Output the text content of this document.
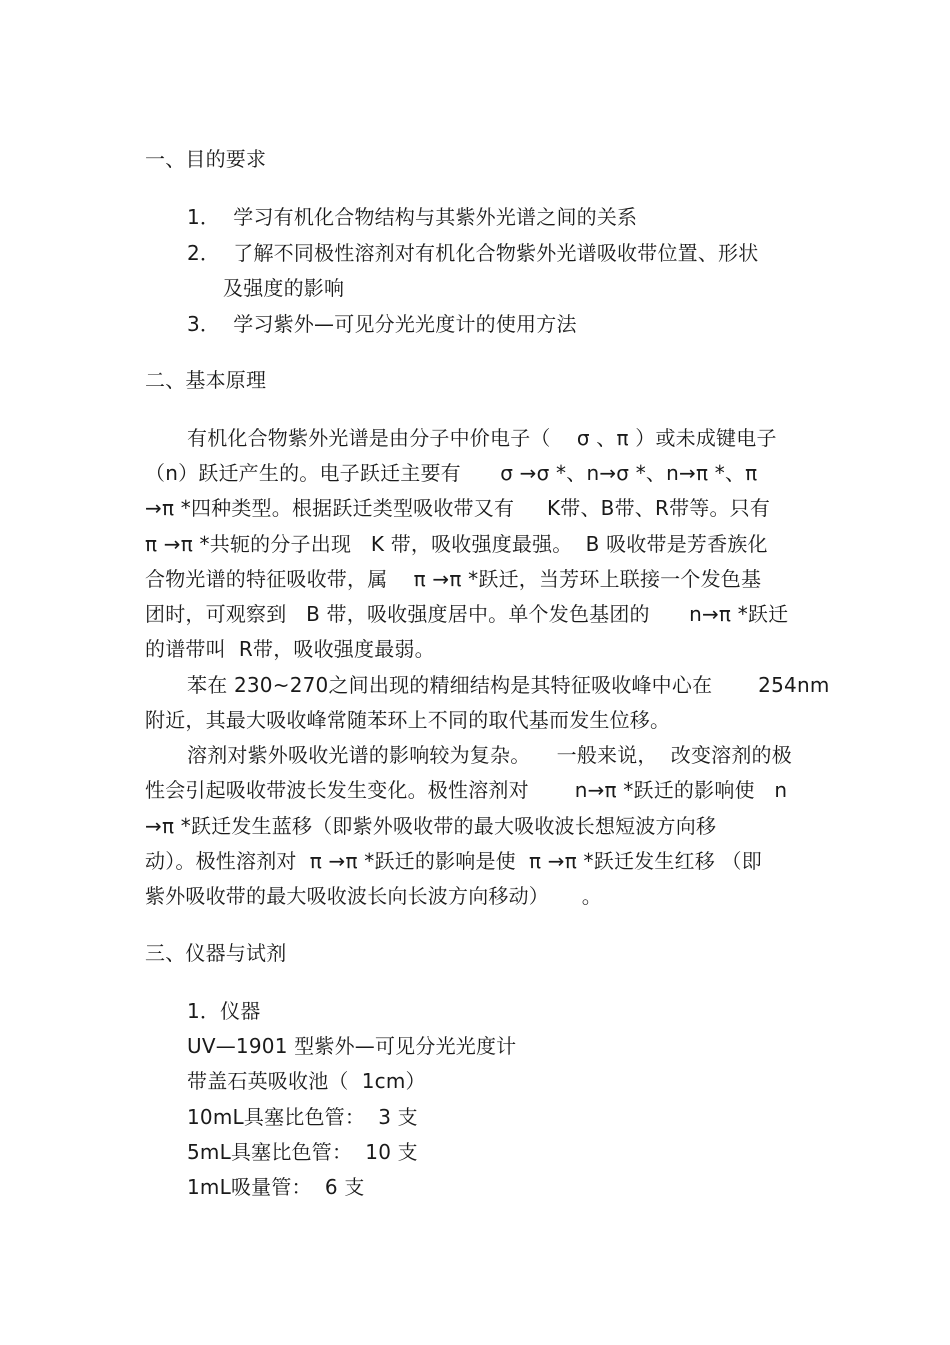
一、目的要求
1．  学习有机化合物结构与其紫外光谱之间的关系
2．  了解不同极性溶剂对有机化合物紫外光谱吸收带位置、形状
及强度的影响
3．  学习紫外—可见分光光度计的使用方法
二、基本原理
有机化合物紫外光谱是由分子中价电子（    σ 、π ）或未成键电子
（n）跃迁产生的。电子跃迁主要有      σ →σ *、n→σ *、n→π *、π
→π *四种类型。根据跃迁类型吸收带又有     K带、B带、R带等。只有
π →π *共轭的分子出现   K 带，吸收强度最强。  B 吸收带是芳香族化
合物光谱的特征吸收带，属    π →π *跃迁，当芳环上联接一个发色基
团时，可观察到   B 带，吸收强度居中。单个发色基团的      n→π *跃迁
的谱带叫  R带，吸收强度最弱。
苯在 230~270之间出现的精细结构是其特征吸收峰中心在       254nm
附近，其最大吸收峰常随苯环上不同的取代基而发生位移。
溶剂对紫外吸收光谱的影响较为复杂。    一般来说，  改变溶剂的极
性会引起吸收带波长发生变化。极性溶剂对       n→π *跃迁的影响使   n
→π *跃迁发生蓝移（即紫外吸收带的最大吸收波长想短波方向移
动）。极性溶剂对  π →π *跃迁的影响是使  π →π *跃迁发生红移 （即
紫外吸收带的最大吸收波长向长波方向移动）     。
三、仪器与试剂
1．仪器
UV—1901 型紫外—可见分光光度计
带盖石英吸收池（  1cm）
10mL具塞比色管：  3 支
5mL具塞比色管：  10 支
1mL吸量管：  6 支
